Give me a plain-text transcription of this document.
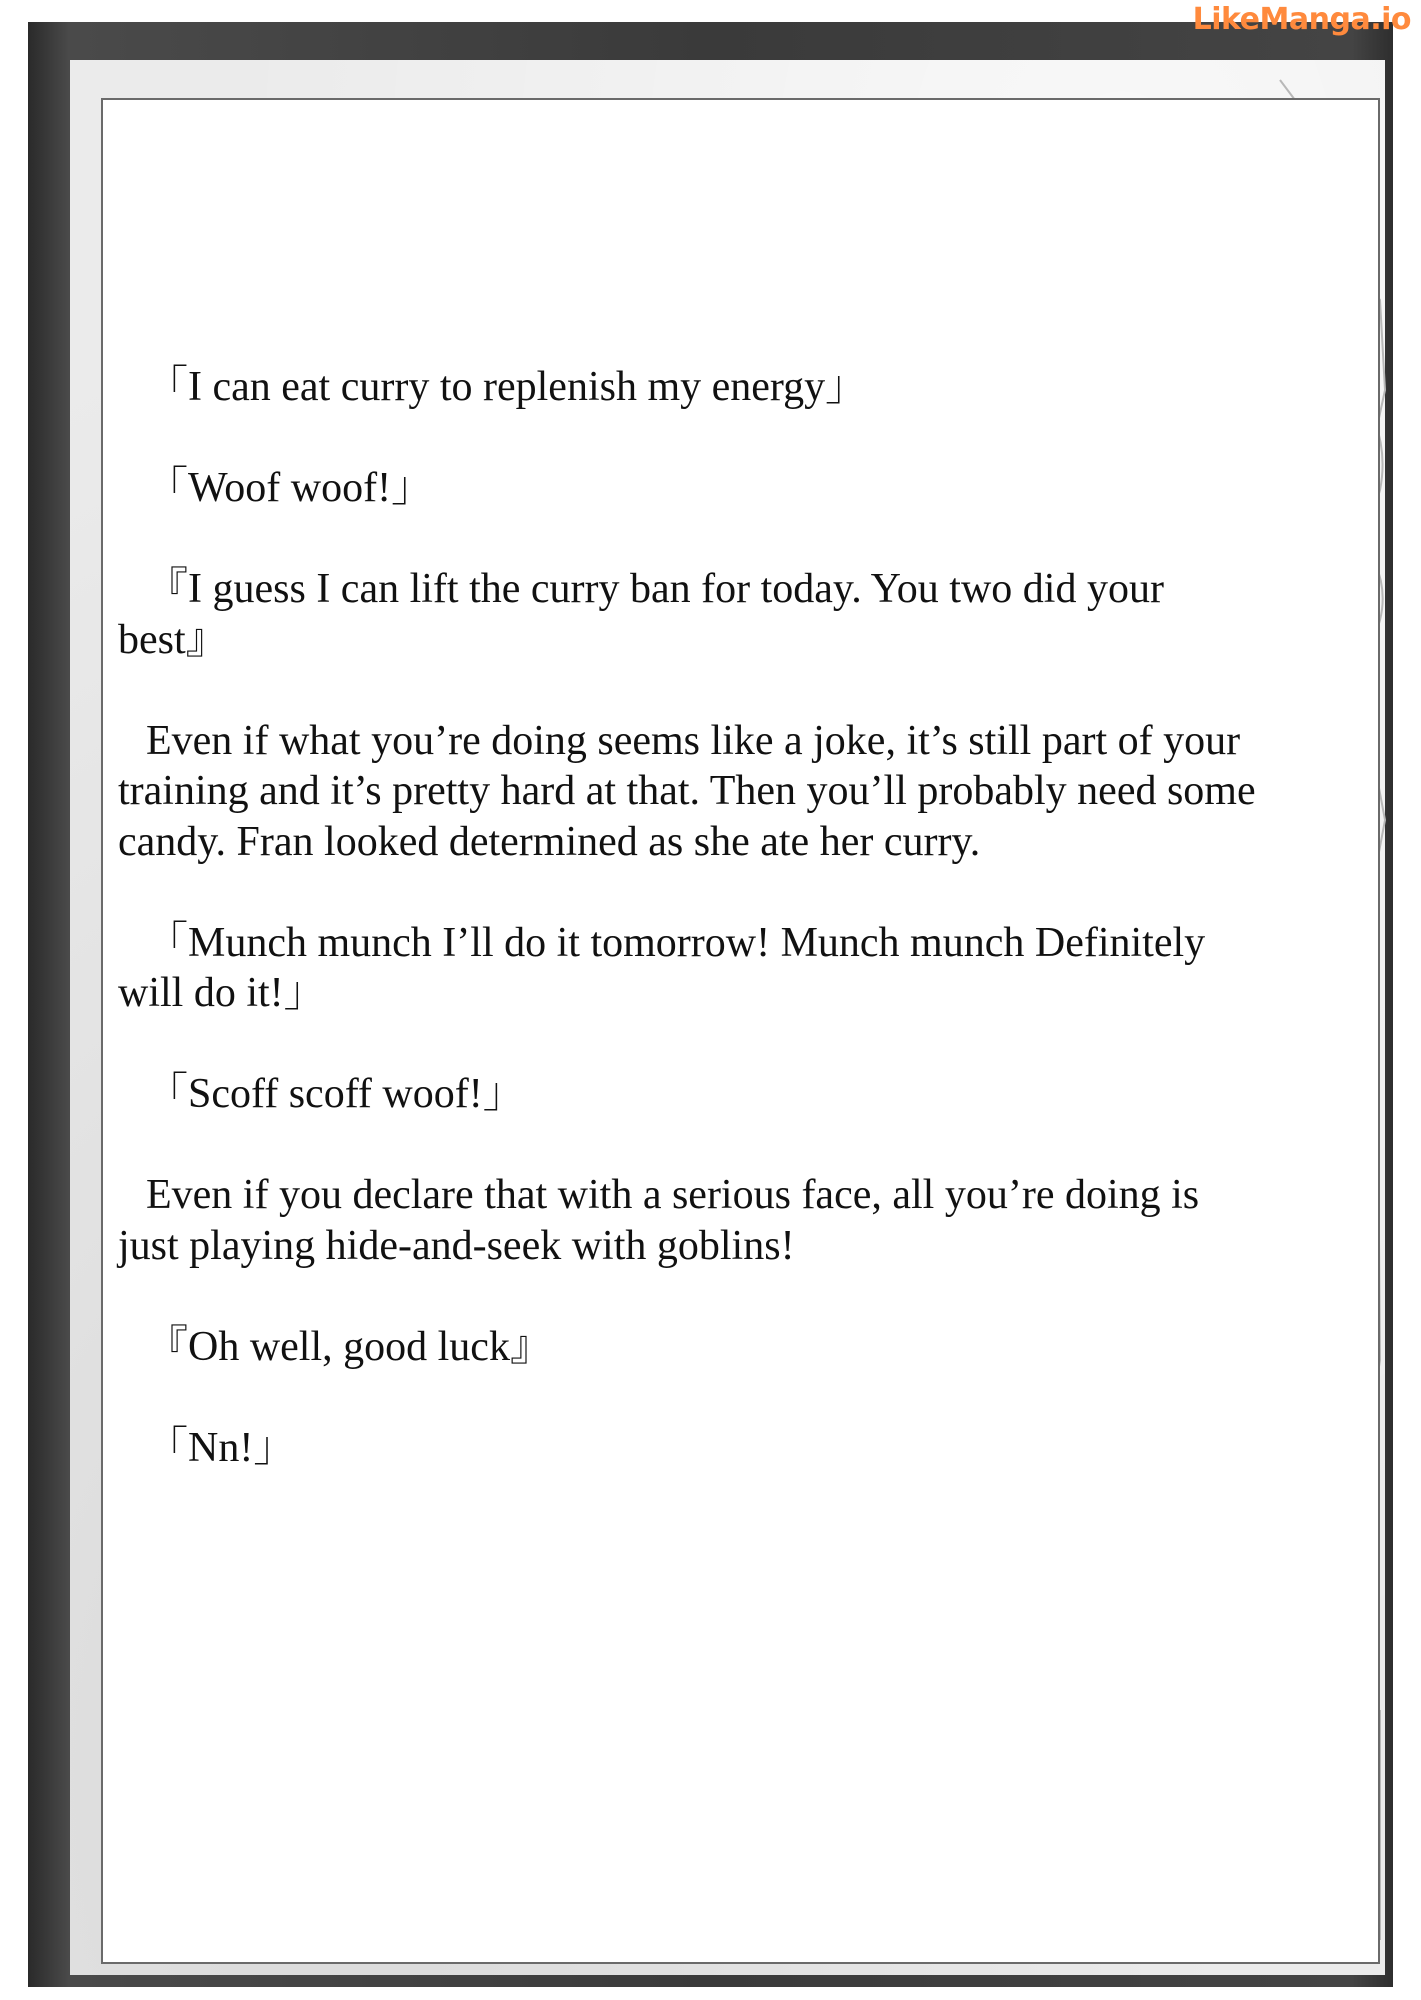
LikeManga.io

「I can eat curry to replenish my energy」

「Woof woof!」

『I guess I can lift the curry ban for today. You two did your best』

Even if what you’re doing seems like a joke, it’s still part of your training and it’s pretty hard at that. Then you’ll probably need some candy. Fran looked determined as she ate her curry.

「Munch munch I’ll do it tomorrow! Munch munch Definitely will do it!」

「Scoff scoff woof!」

Even if you declare that with a serious face, all you’re doing is just playing hide-and-seek with goblins!

『Oh well, good luck』

「Nn!」
